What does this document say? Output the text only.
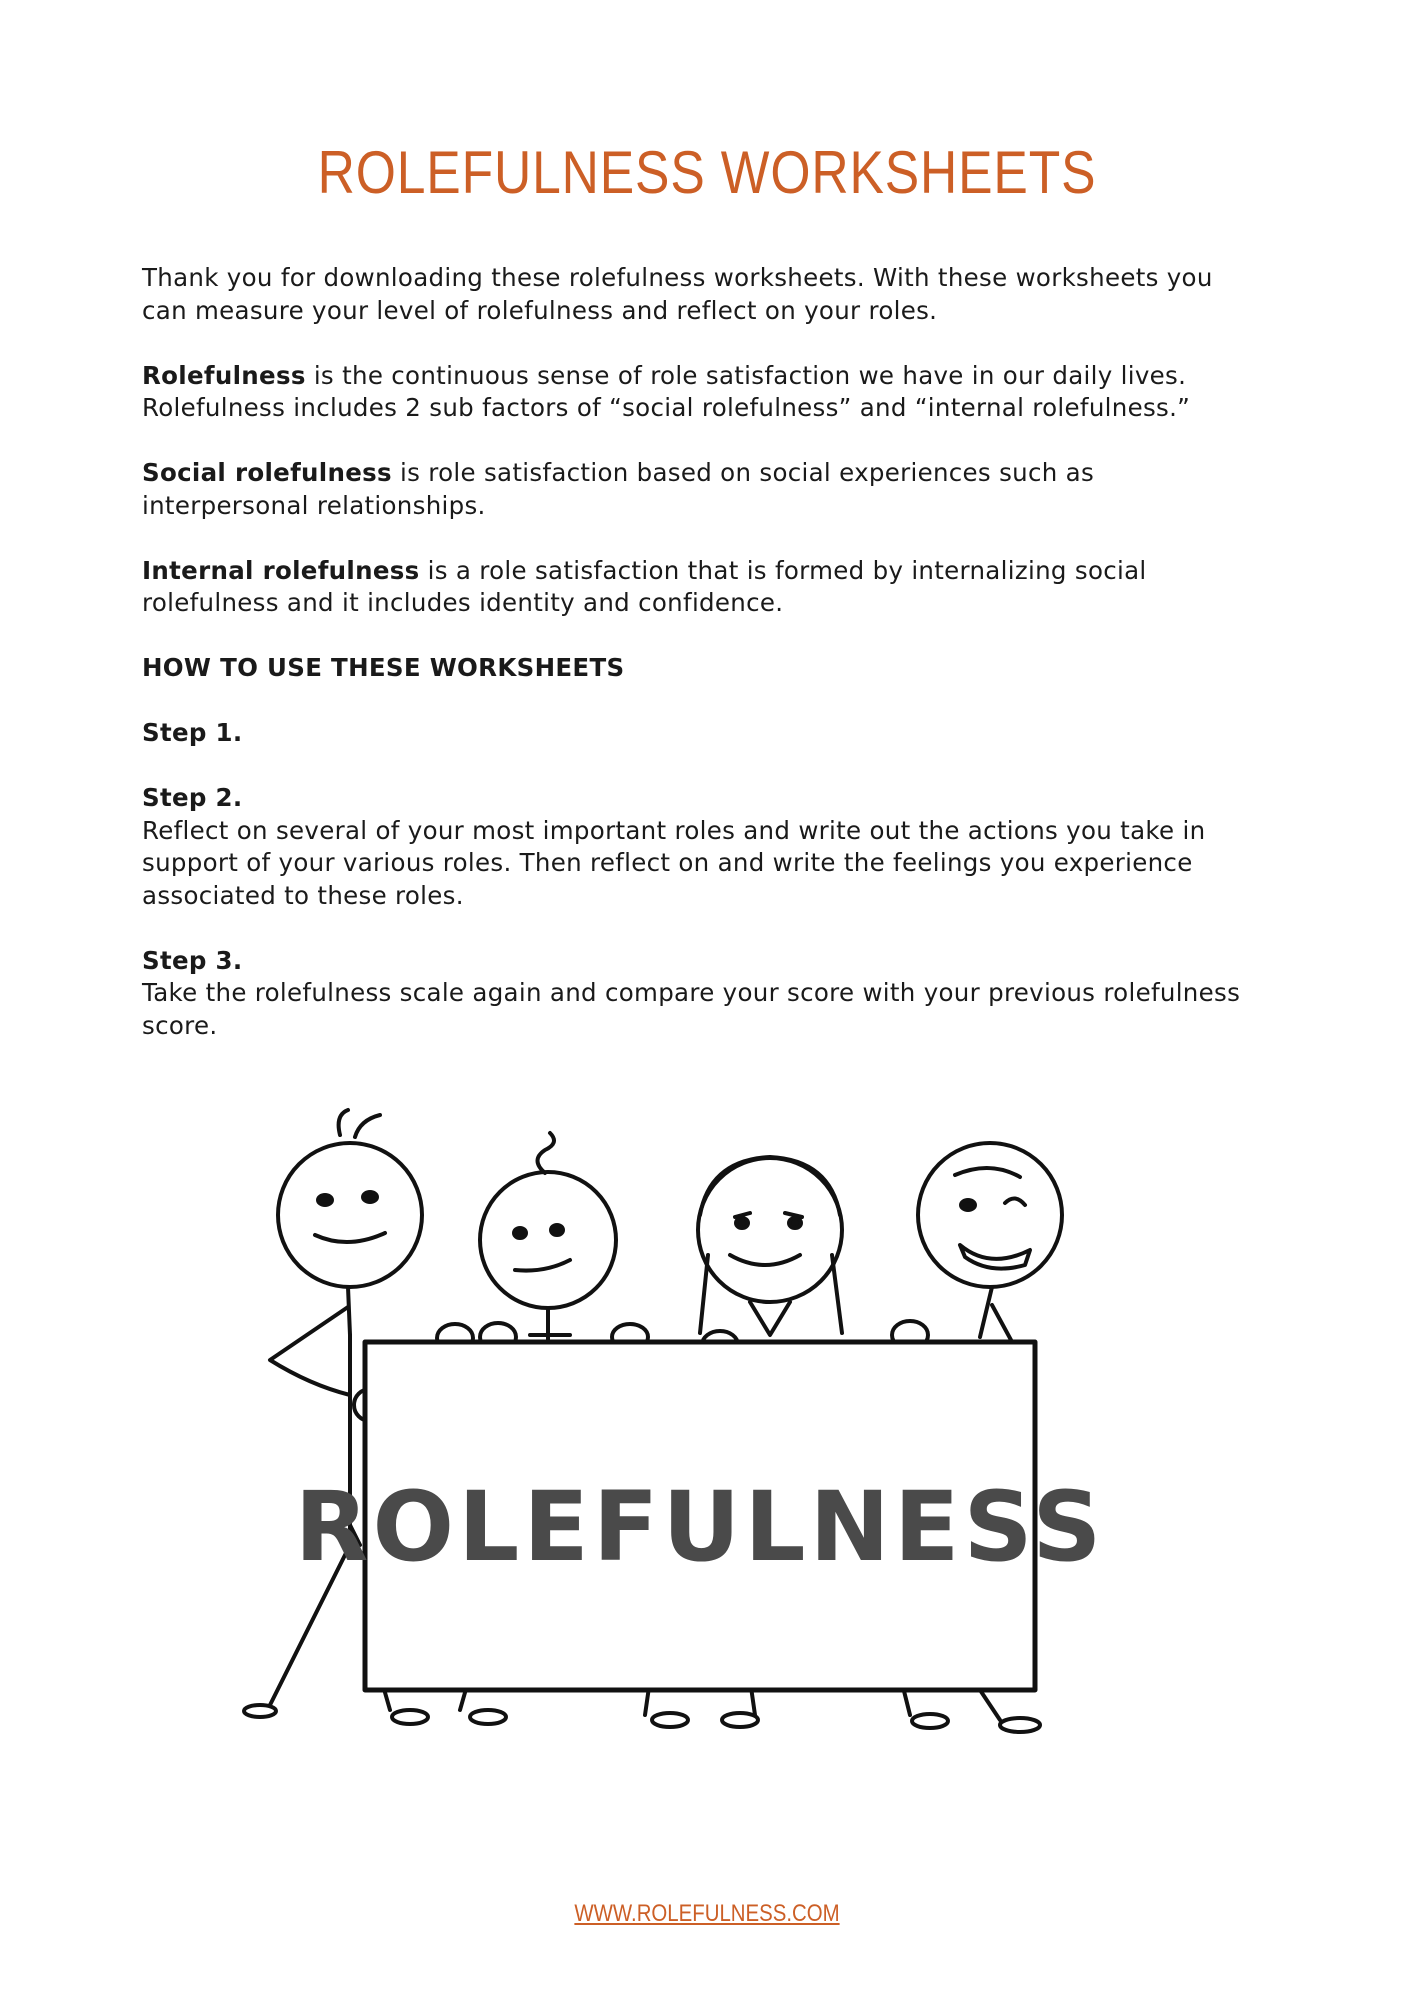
ROLEFULNESS WORKSHEETS

Thank you for downloading these rolefulness worksheets. With these worksheets you can measure your level of rolefulness and reflect on your roles.

Rolefulness is the continuous sense of role satisfaction we have in our daily lives. Rolefulness includes 2 sub factors of “social rolefulness” and “internal rolefulness.”

Social rolefulness is role satisfaction based on social experiences such as interpersonal relationships.

Internal rolefulness is a role satisfaction that is formed by internalizing social rolefulness and it includes identity and confidence.

HOW TO USE THESE WORKSHEETS

Step 1.

Step 2.
Reflect on several of your most important roles and write out the actions you take in support of your various roles. Then reflect on and write the feelings you experience associated to these roles.

Step 3.
Take the rolefulness scale again and compare your score with your previous rolefulness score.

ROLEFULNESS
WWW.ROLEFULNESS.COM
